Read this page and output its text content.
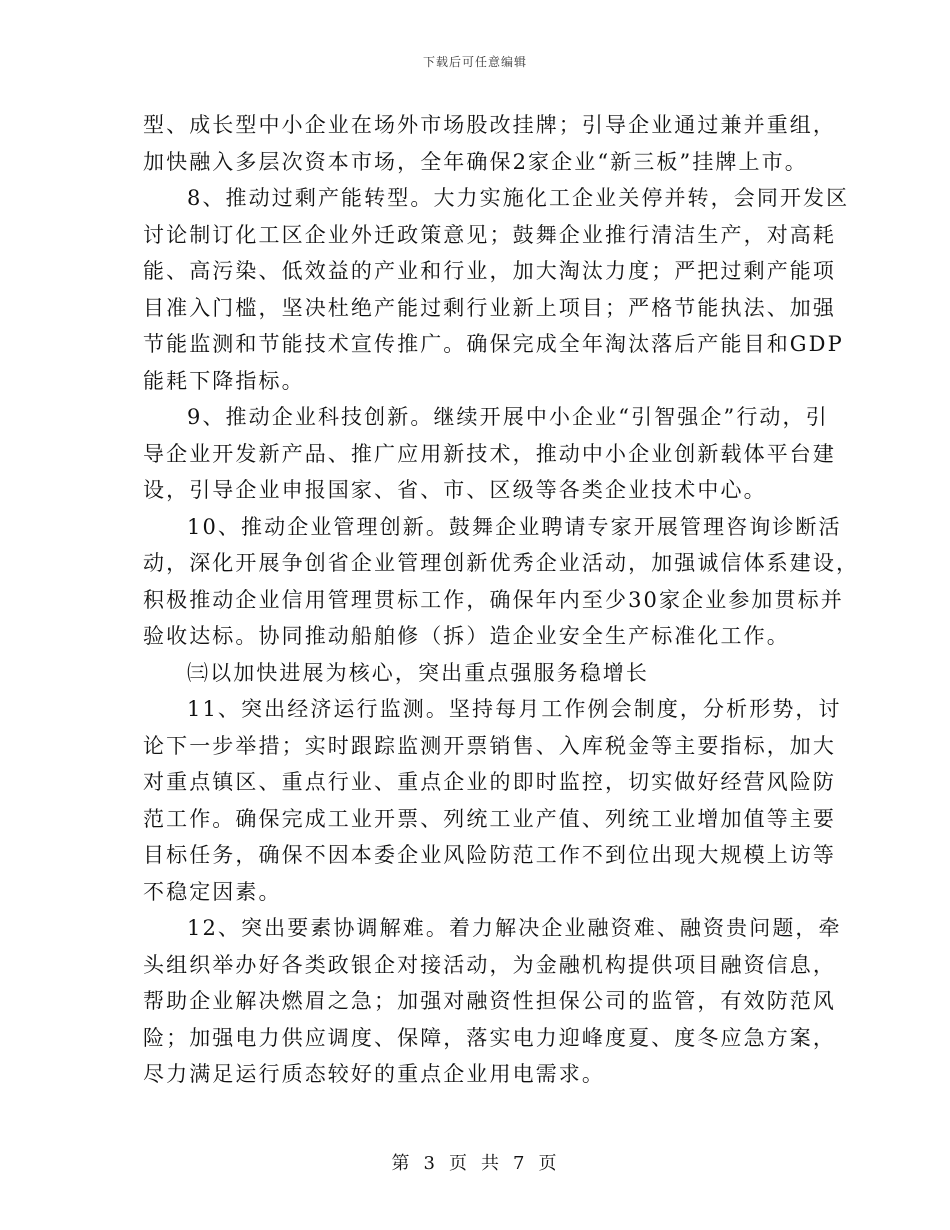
下载后可任意编辑

型、成长型中小企业在场外市场股改挂牌；引导企业通过兼并重组，
加快融入多层次资本市场，全年确保2家企业“新三板”挂牌上市。

8、推动过剩产能转型。大力实施化工企业关停并转，会同开发区
讨论制订化工区企业外迁政策意见；鼓舞企业推行清洁生产，对高耗
能、高污染、低效益的产业和行业，加大淘汰力度；严把过剩产能项
目准入门槛，坚决杜绝产能过剩行业新上项目；严格节能执法、加强
节能监测和节能技术宣传推广。确保完成全年淘汰落后产能目和GDP
能耗下降指标。

9、推动企业科技创新。继续开展中小企业“引智强企”行动，引
导企业开发新产品、推广应用新技术，推动中小企业创新载体平台建
设，引导企业申报国家、省、市、区级等各类企业技术中心。

10、推动企业管理创新。鼓舞企业聘请专家开展管理咨询诊断活
动，深化开展争创省企业管理创新优秀企业活动，加强诚信体系建设，
积极推动企业信用管理贯标工作，确保年内至少30家企业参加贯标并
验收达标。协同推动船舶修（拆）造企业安全生产标准化工作。

㈢以加快进展为核心，突出重点强服务稳增长

11、突出经济运行监测。坚持每月工作例会制度，分析形势，讨
论下一步举措；实时跟踪监测开票销售、入库税金等主要指标，加大
对重点镇区、重点行业、重点企业的即时监控，切实做好经营风险防
范工作。确保完成工业开票、列统工业产值、列统工业增加值等主要
目标任务，确保不因本委企业风险防范工作不到位出现大规模上访等
不稳定因素。

12、突出要素协调解难。着力解决企业融资难、融资贵问题，牵
头组织举办好各类政银企对接活动，为金融机构提供项目融资信息，
帮助企业解决燃眉之急；加强对融资性担保公司的监管，有效防范风
险；加强电力供应调度、保障，落实电力迎峰度夏、度冬应急方案，
尽力满足运行质态较好的重点企业用电需求。

第 3 页 共 7 页
